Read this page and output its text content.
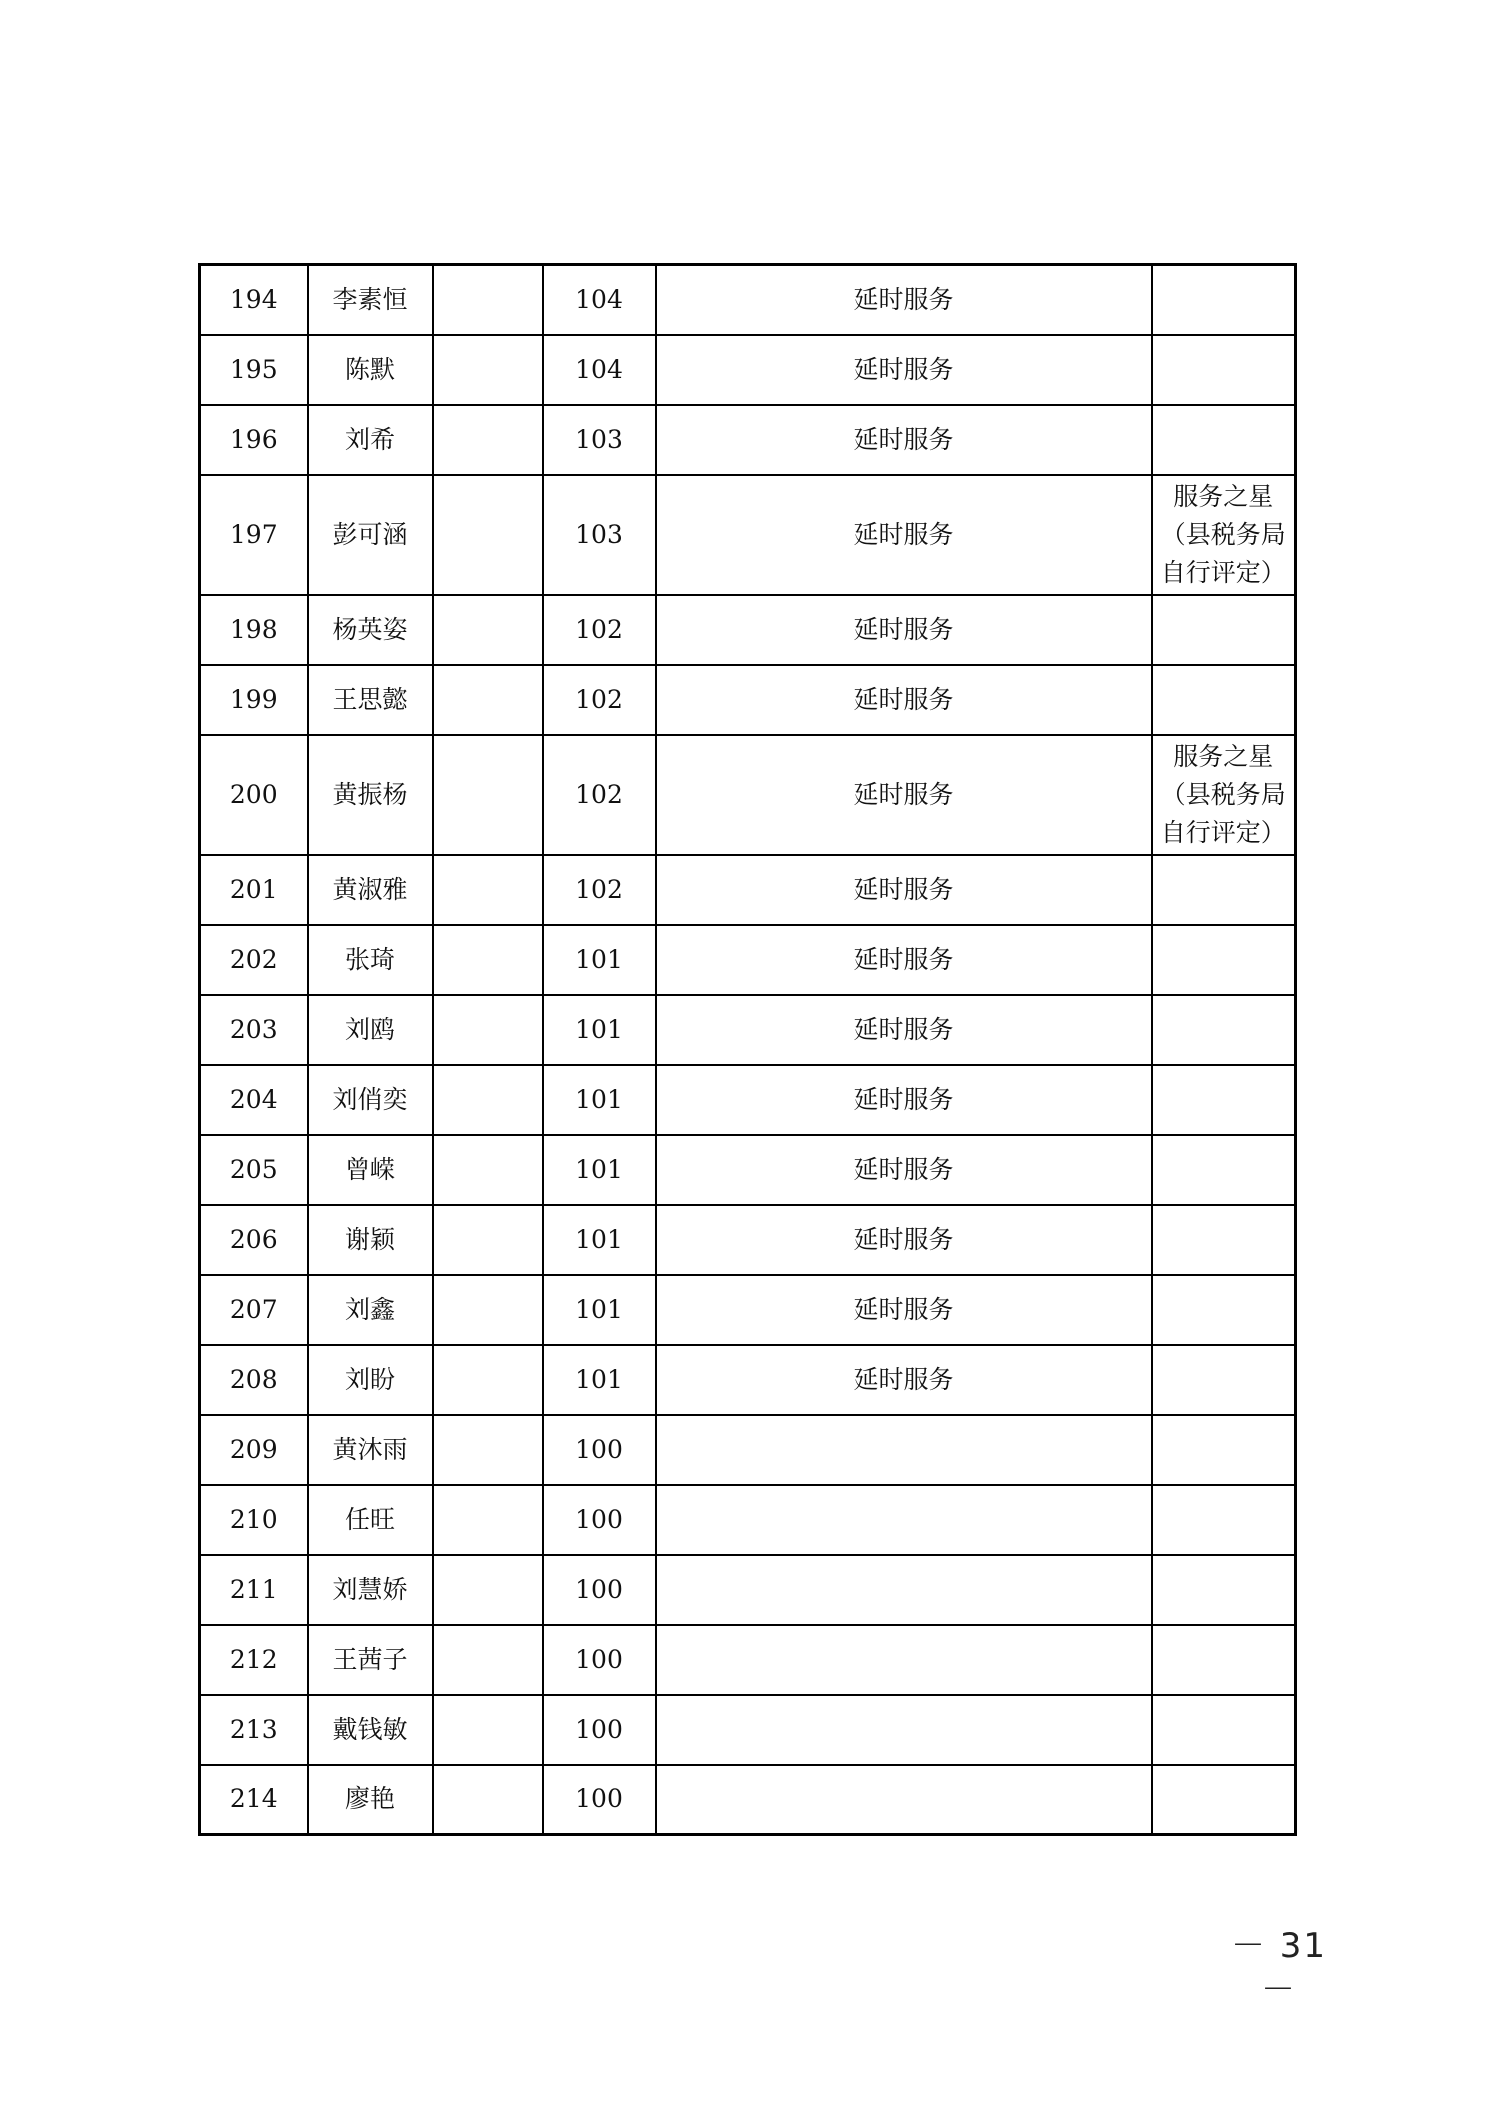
194	李素恒		104	延时服务	
195	陈默		104	延时服务	
196	刘希		103	延时服务	
197	彭可涵		103	延时服务	服务之星
（县税务局
自行评定）

198	杨英姿		102	延时服务	
199	王思懿		102	延时服务	
200	黄振杨		102	延时服务	服务之星
（县税务局
自行评定）

201	黄淑雅		102	延时服务	
202	张琦		101	延时服务	
203	刘鸥		101	延时服务	
204	刘俏奕		101	延时服务	
205	曾嵘		101	延时服务	
206	谢颖		101	延时服务	
207	刘鑫		101	延时服务	
208	刘盼		101	延时服务	
209	黄沐雨		100		
210	任旺		100		
211	刘慧娇		100		
212	王茜子		100		
213	戴钱敏		100		
214	廖艳		100		
－ 31 －
